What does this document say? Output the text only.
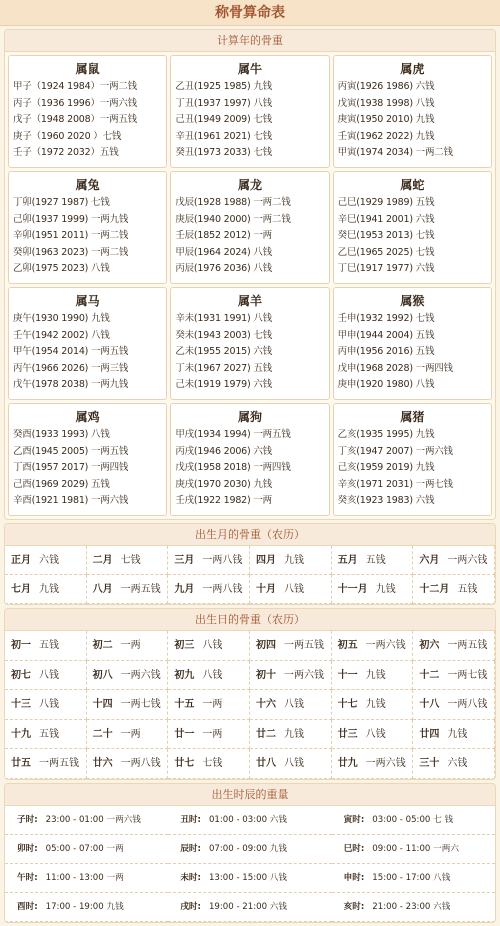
称骨算命表
计算年的骨重
属鼠
甲子（1924 1984）一两二钱
丙子（1936 1996）一两六钱
戊子（1948 2008）一两五钱
庚子（1960 2020 ）七钱
壬子（1972 2032）五钱
属牛
乙丑(1925 1985) 九钱
丁丑(1937 1997) 八钱
己丑(1949 2009) 七钱
辛丑(1961 2021) 七钱
癸丑(1973 2033) 七钱
属虎
丙寅(1926 1986) 六钱
戊寅(1938 1998) 八钱
庚寅(1950 2010) 九钱
壬寅(1962 2022) 九钱
甲寅(1974 2034) 一两二钱
属兔
丁卯(1927 1987) 七钱
己卯(1937 1999) 一两九钱
辛卯(1951 2011) 一两二钱
癸卯(1963 2023) 一两二钱
乙卯(1975 2023) 八钱
属龙
戊辰(1928 1988) 一两二钱
庚辰(1940 2000) 一两二钱
壬辰(1852 2012) 一两
甲辰(1964 2024) 八钱
丙辰(1976 2036) 八钱
属蛇
己巳(1929 1989) 五钱
辛巳(1941 2001) 六钱
癸巳(1953 2013) 七钱
乙巳(1965 2025) 七钱
丁巳(1917 1977) 六钱
属马
庚午(1930 1990) 九钱
壬午(1942 2002) 八钱
甲午(1954 2014) 一两五钱
丙午(1966 2026) 一两三钱
戊午(1978 2038) 一两九钱
属羊
辛未(1931 1991) 八钱
癸未(1943 2003) 七钱
乙未(1955 2015) 六钱
丁未(1967 2027) 五钱
己未(1919 1979) 六钱
属猴
壬申(1932 1992) 七钱
甲申(1944 2004) 五钱
丙申(1956 2016) 五钱
戊申(1968 2028) 一两四钱
庚申(1920 1980) 八钱
属鸡
癸酉(1933 1993) 八钱
乙酉(1945 2005) 一两五钱
丁酉(1957 2017) 一两四钱
己酉(1969 2029) 五钱
辛酉(1921 1981) 一两六钱
属狗
甲戌(1934 1994) 一两五钱
丙戌(1946 2006) 六钱
戊戌(1958 2018) 一两四钱
庚戌(1970 2030) 九钱
壬戌(1922 1982) 一两
属猪
乙亥(1935 1995) 九钱
丁亥(1947 2007) 一两六钱
己亥(1959 2019) 九钱
辛亥(1971 2031) 一两七钱
癸亥(1923 1983) 六钱
出生月的骨重（农历）
正月 六钱	二月 七钱	三月 一两八钱	四月 九钱	五月 五钱	六月 一两六钱
七月 九钱	八月 一两五钱	九月 一两八钱	十月 八钱	十一月 九钱	十二月 五钱
出生日的骨重（农历）
初一 五钱	初二 一两	初三 八钱	初四 一两五钱	初五 一两六钱	初六 一两五钱
初七 八钱	初八 一两六钱	初九 八钱	初十 一两六钱	十一 九钱	十二 一两七钱
十三 八钱	十四 一两七钱	十五 一两	十六 八钱	十七 九钱	十八 一两八钱
十九 五钱	二十 一两	廿一 一两	廿二 九钱	廿三 八钱	廿四 九钱
廿五 一两五钱	廿六 一两八钱	廿七 七钱	廿八 八钱	廿九 一两六钱	三十 六钱
出生时辰的重量
子时: 23:00 - 01:00 一两六钱	丑时: 01:00 - 03:00 六钱	寅时: 03:00 - 05:00 七 钱
卯时: 05:00 - 07:00 一两	辰时: 07:00 - 09:00 九钱	巳时: 09:00 - 11:00 一两六
午时: 11:00 - 13:00 一两	未时: 13:00 - 15:00 八钱	申时: 15:00 - 17:00 八钱
酉时: 17:00 - 19:00 九钱	戌时: 19:00 - 21:00 六钱	亥时: 21:00 - 23:00 六钱
